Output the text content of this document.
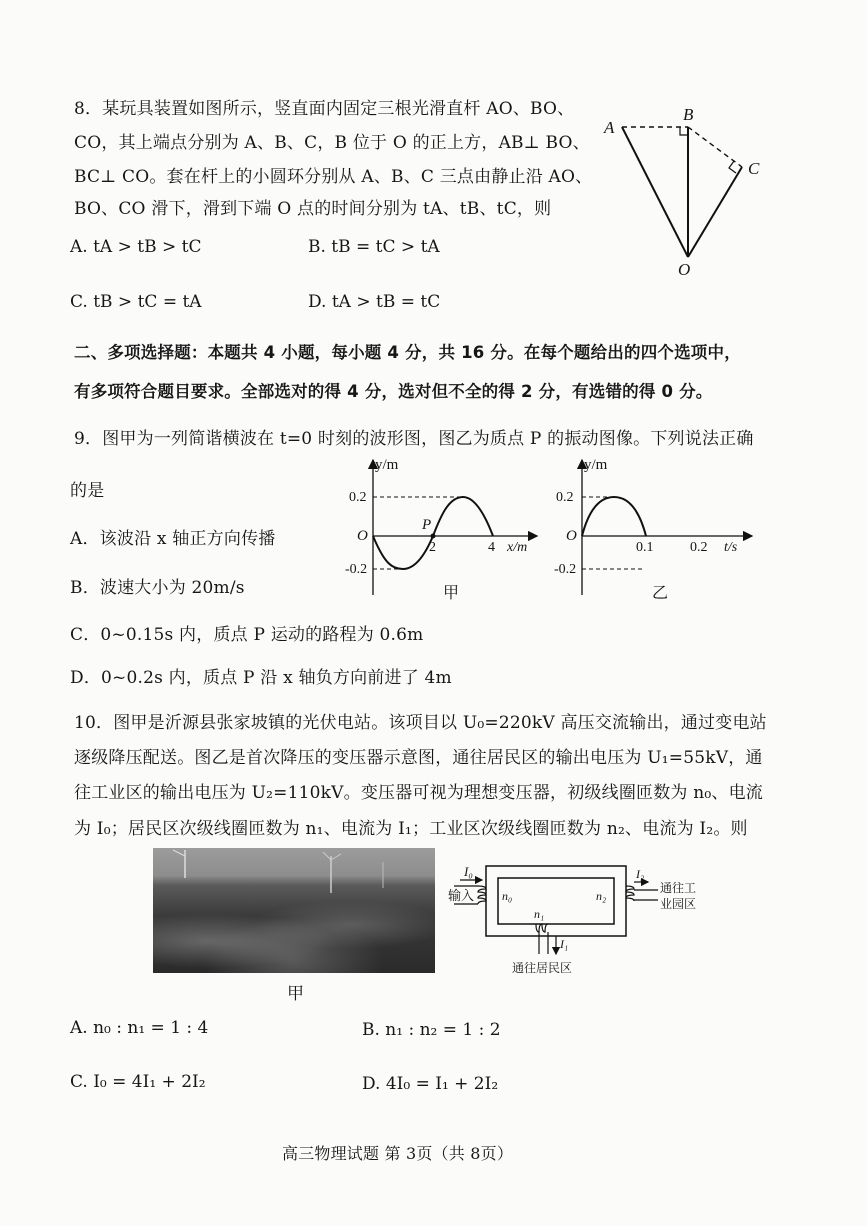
8．某玩具装置如图所示，竖直面内固定三根光滑直杆 AO、BO、
CO，其上端点分别为 A、B、C，B 位于 O 的正上方，AB⊥ BO、
BC⊥ CO。套在杆上的小圆环分别从 A、B、C 三点由静止沿 AO、
BO、CO 滑下，滑到下端 O 点的时间分别为 tA、tB、tC，则
A. tA > tB > tC	B. tB = tC > tA
C. tB > tC = tA	D. tA > tB = tC
A
B
C
O
二、多项选择题：本题共 4 小题，每小题 4 分，共 16 分。在每个题给出的四个选项中，
有多项符合题目要求。全部选对的得 4 分，选对但不全的得 2 分，有选错的得 0 分。
9．图甲为一列简谐横波在 t=0 时刻的波形图，图乙为质点 P 的振动图像。下列说法正确
的是
A．该波沿 x 轴正方向传播
B．波速大小为 20m/s
C．0~0.15s 内，质点 P 运动的路程为 0.6m
D．0~0.2s 内，质点 P 沿 x 轴负方向前进了 4m
y/m
0.2
-0.2
O
P
2	4 x/m
甲
y/m
0.2
-0.2
O
0.1	0.2 t/s
乙
10．图甲是沂源县张家坡镇的光伏电站。该项目以 U₀=220kV 高压交流输出，通过变电站
逐级降压配送。图乙是首次降压的变压器示意图，通往居民区的输出电压为 U₁=55kV，通
往工业区的输出电压为 U₂=110kV。变压器可视为理想变压器，初级线圈匝数为 n₀、电流
为 I₀；居民区次级线圈匝数为 n₁、电流为 I₁；工业区次级线圈匝数为 n₂、电流为 I₂。则
甲
I₀
输入 n₀	n₂
n₁
I₁
I₂
通往工
业园区
通往居民区
A. n₀ : n₁ = 1 : 4	B. n₁ : n₂ = 1 : 2
C. I₀ = 4I₁ + 2I₂	D. 4I₀ = I₁ + 2I₂
高三物理试题 第 3页（共 8页）
